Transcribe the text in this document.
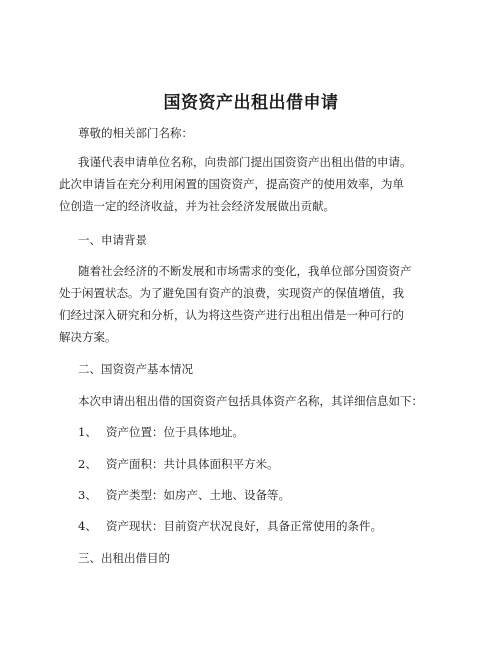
国资资产出租出借申请

尊敬的相关部门名称：

我谨代表申请单位名称，向贵部门提出国资资产出租出借的申请。

此次申请旨在充分利用闲置的国资资产，提高资产的使用效率，为单

位创造一定的经济收益，并为社会经济发展做出贡献。

一、申请背景

随着社会经济的不断发展和市场需求的变化，我单位部分国资资产

处于闲置状态。为了避免国有资产的浪费，实现资产的保值增值，我

们经过深入研究和分析，认为将这些资产进行出租出借是一种可行的

解决方案。

二、国资资产基本情况

本次申请出租出借的国资资产包括具体资产名称，其详细信息如下：

1、 资产位置：位于具体地址。

2、 资产面积：共计具体面积平方米。

3、 资产类型：如房产、土地、设备等。

4、 资产现状：目前资产状况良好，具备正常使用的条件。

三、出租出借目的
